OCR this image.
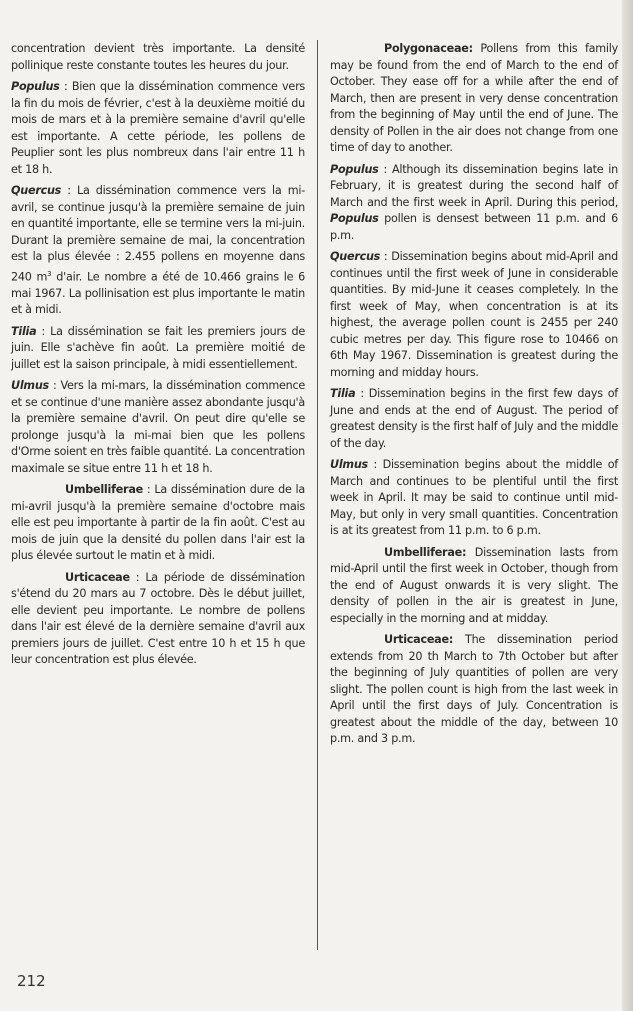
concentration devient très importante. La densité pollinique reste constante toutes les heures du jour.

Populus : Bien que la dissémination commence vers la fin du mois de février, c'est à la deuxième moitié du mois de mars et à la première semaine d'avril qu'elle est importante. A cette période, les pollens de Peuplier sont les plus nombreux dans l'air entre 11 h et 18 h.

Quercus : La dissémination commence vers la mi-avril, se continue jusqu'à la première semaine de juin en quantité importante, elle se termine vers la mi-juin. Durant la première semaine de mai, la concentration est la plus élevée : 2.455 pollens en moyenne dans 240 $m^3$ d'air. Le nombre a été de 10.466 grains le 6 mai 1967. La pollinisation est plus importante le matin et à midi.

Tilia : La dissémination se fait les premiers jours de juin. Elle s'achève fin août. La première moitié de juillet est la saison principale, à midi essentiellement.

Ulmus : Vers la mi-mars, la dissémination commence et se continue d'une manière assez abondante jusqu'à la première semaine d'avril. On peut dire qu'elle se prolonge jusqu'à la mi-mai bien que les pollens d'Orme soient en très faible quantité. La concentration maximale se situe entre 11 h et 18 h.

Umbelliferae : La dissémination dure de la mi-avril jusqu'à la première semaine d'octobre mais elle est peu importante à partir de la fin août. C'est au mois de juin que la densité du pollen dans l'air est la plus élevée surtout le matin et à midi.

Urticaceae : La période de dissémination s'étend du 20 mars au 7 octobre. Dès le début juillet, elle devient peu importante. Le nombre de pollens dans l'air est élevé de la dernière semaine d'avril aux premiers jours de juillet. C'est entre 10 h et 15 h que leur concentration est plus élevée.

Polygonaceae: Pollens from this family may be found from the end of March to the end of October. They ease off for a while after the end of March, then are present in very dense concentration from the beginning of May until the end of June. The density of Pollen in the air does not change from one time of day to another.

Populus : Although its dissemination begins late in February, it is greatest during the second half of March and the first week in April. During this period, Populus pollen is densest between 11 p.m. and 6 p.m.

Quercus : Dissemination begins about mid-April and continues until the first week of June in considerable quantities. By mid-June it ceases completely. In the first week of May, when concentration is at its highest, the average pollen count is 2455 per 240 cubic metres per day. This figure rose to 10466 on 6th May 1967. Dissemination is greatest during the morning and midday hours.

Tilia : Dissemination begins in the first few days of June and ends at the end of August. The period of greatest density is the first half of July and the middle of the day.

Ulmus : Dissemination begins about the middle of March and continues to be plentiful until the first week in April. It may be said to continue until mid-May, but only in very small quantities. Concentration is at its greatest from 11 p.m. to 6 p.m.

Umbelliferae: Dissemination lasts from mid-April until the first week in October, though from the end of August onwards it is very slight. The density of pollen in the air is greatest in June, especially in the morning and at midday.

Urticaceae: The dissemination period extends from 20 th March to 7th October but after the beginning of July quantities of pollen are very slight. The pollen count is high from the last week in April until the first days of July. Concentration is greatest about the middle of the day, between 10 p.m. and 3 p.m.

212
